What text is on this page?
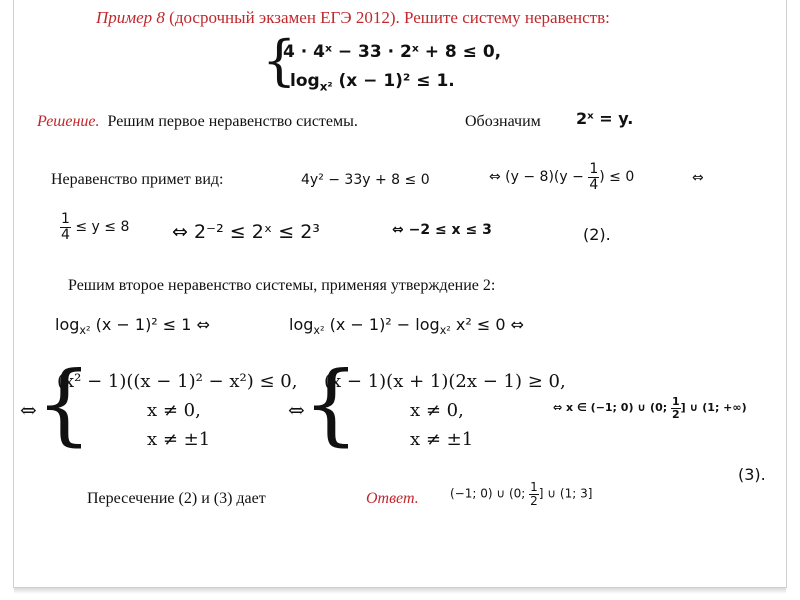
Пример 8 (досрочный экзамен ЕГЭ 2012). Решите систему неравенств:
{
4 · 4ˣ − 33 · 2ˣ + 8 ≤ 0,
$\log_{x^2} (x - 1)^2 \le 1$.
Решение. Решим первое неравенство системы.	Обозначим 2ˣ = y.
Неравенство примет вид:	4y² − 33y + 8 ≤ 0	⇔ $(y - 8)(y - \frac{1}{4}$ ) ≤ 0	⇔
$\frac{1}{4} \le y \le 8$ ⇔ 2⁻² ≤ 2ˣ ≤ 2³	⇔ −2 ≤ x ≤ 3	(2).
Решим второе неравенство системы, применяя утверждение 2:
$\log_{x^2} (x - 1)^2 \le 1$ ⇔	$\log_{x^2} (x - 1)^2 - \log_{x^2} x^2 \le 0$ ⇔
⇔ {
(x² − 1)((x − 1)² − x²) ≤ 0,
x ≠ 0,
x ≠ ±1
⇔
{
(x − 1)(x + 1)(2x − 1) ≥ 0,
x ≠ 0,
x ≠ ±1
⇔ x ∈ (−1; 0) ∪ (0; $\frac{1}{2}$ ] ∪ (1; +∞)
(3).
Пересечение (2) и (3) дает	Ответ.	(−1; 0) ∪ (0; $\frac{1}{2}$ ] ∪ (1; 3]
